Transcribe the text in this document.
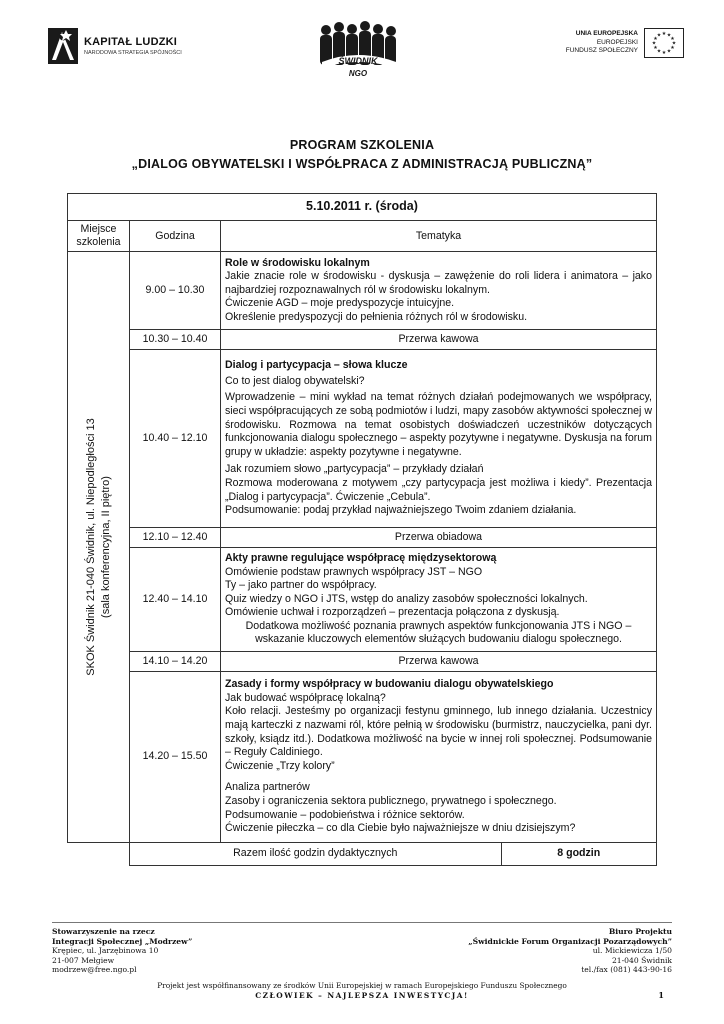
KAPITAŁ LUDZKI
NARODOWA STRATEGIA SPÓJNOŚCI
ŚWIDNIK
NGO
UNIA EUROPEJSKA
EUROPEJSKI
FUNDUSZ SPOŁECZNY
★ ★
★
★
★
★
★
★
★
★
★
★
PROGRAM SZKOLENIA
„DIALOG OBYWATELSKI I WSPÓŁPRACA Z ADMINISTRACJĄ PUBLICZNĄ”
5.10.2011 r. (środa)
Miejsce szkolenia	Godzina	Tematyka

SKOK Świdnik 21-040 Świdnik, ul. Niepodległości 13 (sala konferencyjna, II piętro)
	9.00 – 10.30	
Role w środowisku lokalnym
Jakie znacie role w środowisku - dyskusja – zawężenie do roli lidera i animatora – jako najbardziej rozpoznawalnych ról w środowisku lokalnym.
Ćwiczenie AGD – moje predyspozycje intuicyjne.
Określenie predyspozycji do pełnienia różnych ról w środowisku.

10.30 – 10.40	Przerwa kawowa
10.40 – 12.10	
Dialog i partycypacja – słowa klucze
Co to jest dialog obywatelski?
Wprowadzenie – mini wykład na temat różnych działań podejmowanych we współpracy, sieci współpracujących ze sobą podmiotów i ludzi, mapy zasobów aktywności społecznej w środowisku. Rozmowa na temat osobistych doświadczeń uczestników dotyczących funkcjonowania dialogu społecznego – aspekty pozytywne i negatywne. Dyskusja na forum grupy w układzie: aspekty pozytywne i negatywne.
Jak rozumiem słowo „partycypacja” – przykłady działań
Rozmowa moderowana z motywem „czy partycypacja jest możliwa i kiedy”. Prezentacja „Dialog i partycypacja”. Ćwiczenie „Cebula”.
Podsumowanie: podaj przykład najważniejszego Twoim zdaniem działania.

12.10 – 12.40	Przerwa obiadowa
12.40 – 14.10	
Akty prawne regulujące współpracę międzysektorową
Omówienie podstaw prawnych współpracy JST – NGO
Ty – jako partner do współpracy.
Quiz wiedzy o NGO i JTS, wstęp do analizy zasobów społeczności lokalnych.
Omówienie uchwał i rozporządzeń – prezentacja połączona z dyskusją.
Dodatkowa możliwość poznania prawnych aspektów funkcjonowania JTS i NGO – wskazanie kluczowych elementów służących budowaniu dialogu społecznego.

14.10 – 14.20	Przerwa kawowa
14.20 – 15.50	
Zasady i formy współpracy w budowaniu dialogu obywatelskiego
Jak budować współpracę lokalną?
Koło relacji. Jesteśmy po organizacji festynu gminnego, lub innego działania. Uczestnicy mają karteczki z nazwami ról, które pełnią w środowisku (burmistrz, nauczycielka, pani dyr. szkoły, ksiądz itd.). Dodatkowa możliwość na bycie w innej roli społecznej. Podsumowanie – Reguły Caldiniego.
Ćwiczenie „Trzy kolory”
Analiza partnerów
Zasoby i ograniczenia sektora publicznego, prywatnego i społecznego.
Podsumowanie – podobieństwa i różnice sektorów.
Ćwiczenie piłeczka – co dla Ciebie było najważniejsze w dniu dzisiejszym?

Razem ilość godzin dydaktycznych	8 godzin
Stowarzyszenie na rzecz
Integracji Społecznej „Modrzew”
Krępiec, ul. Jarzębinowa 10
21-007 Mełgiew
modrzew@free.ngo.pl
Biuro Projektu
„Świdnickie Forum Organizacji Pozarządowych”
ul. Mickiewicza 1/50
21-040 Świdnik
tel./fax (081) 443-90-16
Projekt jest współfinansowany ze środków Unii Europejskiej w ramach Europejskiego Funduszu Społecznego
CZŁOWIEK – NAJLEPSZA INWESTYCJA!	1
